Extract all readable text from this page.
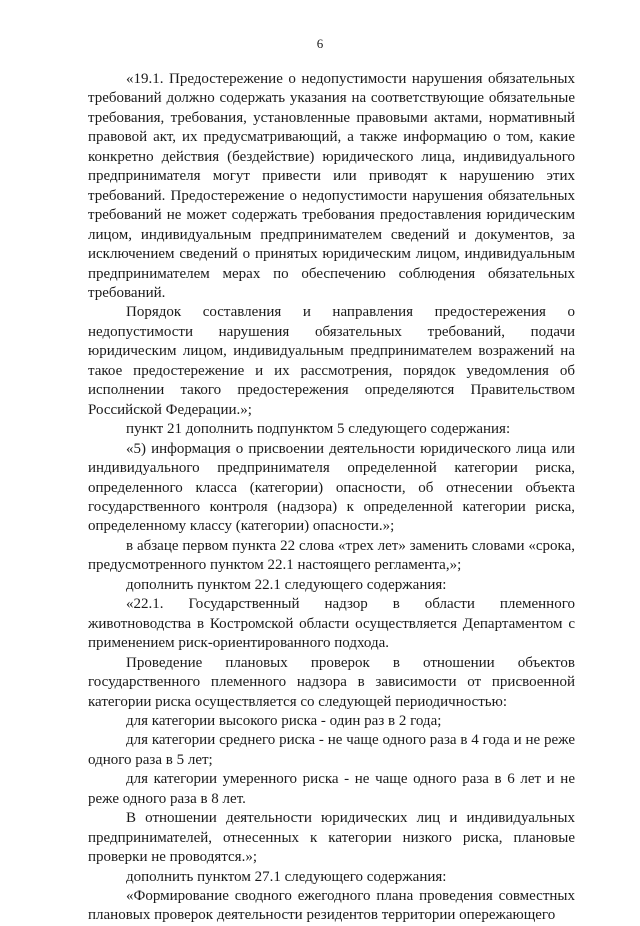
6

«19.1. Предостережение о недопустимости нарушения обязательных требований должно содержать указания на соответствующие обязательные требования, требования, установленные правовыми актами, нормативный правовой акт, их предусматривающий, а также информацию о том, какие конкретно действия (бездействие) юридического лица, индивидуального предпринимателя могут привести или приводят к нарушению этих требований. Предостережение о недопустимости нарушения обязательных требований не может содержать требования предоставления юридическим лицом, индивидуальным предпринимателем сведений и документов, за исключением сведений о принятых юридическим лицом, индивидуальным предпринимателем мерах по обеспечению соблюдения обязательных требований.

Порядок составления и направления предостережения о недопустимости нарушения обязательных требований, подачи юридическим лицом, индивидуальным предпринимателем возражений на такое предостережение и их рассмотрения, порядок уведомления об исполнении такого предостережения определяются Правительством Российской Федерации.»;

пункт 21 дополнить подпунктом 5 следующего содержания:

«5) информация о присвоении деятельности юридического лица или индивидуального предпринимателя определенной категории риска, определенного класса (категории) опасности, об отнесении объекта государственного контроля (надзора) к определенной категории риска, определенному классу (категории) опасности.»;

в абзаце первом пункта 22 слова «трех лет» заменить словами «срока, предусмотренного пунктом 22.1 настоящего регламента,»;

дополнить пунктом 22.1 следующего содержания:

«22.1. Государственный надзор в области племенного животноводства в Костромской области осуществляется Департаментом с применением риск-ориентированного подхода.

Проведение плановых проверок в отношении объектов государственного племенного надзора в зависимости от присвоенной категории риска осуществляется со следующей периодичностью:

для категории высокого риска - один раз в 2 года;

для категории среднего риска - не чаще одного раза в 4 года и не реже одного раза в 5 лет;

для категории умеренного риска - не чаще одного раза в 6 лет и не реже одного раза в 8 лет.

В отношении деятельности юридических лиц и индивидуальных предпринимателей, отнесенных к категории низкого риска, плановые проверки не проводятся.»;

дополнить пунктом 27.1 следующего содержания:

«Формирование сводного ежегодного плана проведения совместных плановых проверок деятельности резидентов территории опережающего
